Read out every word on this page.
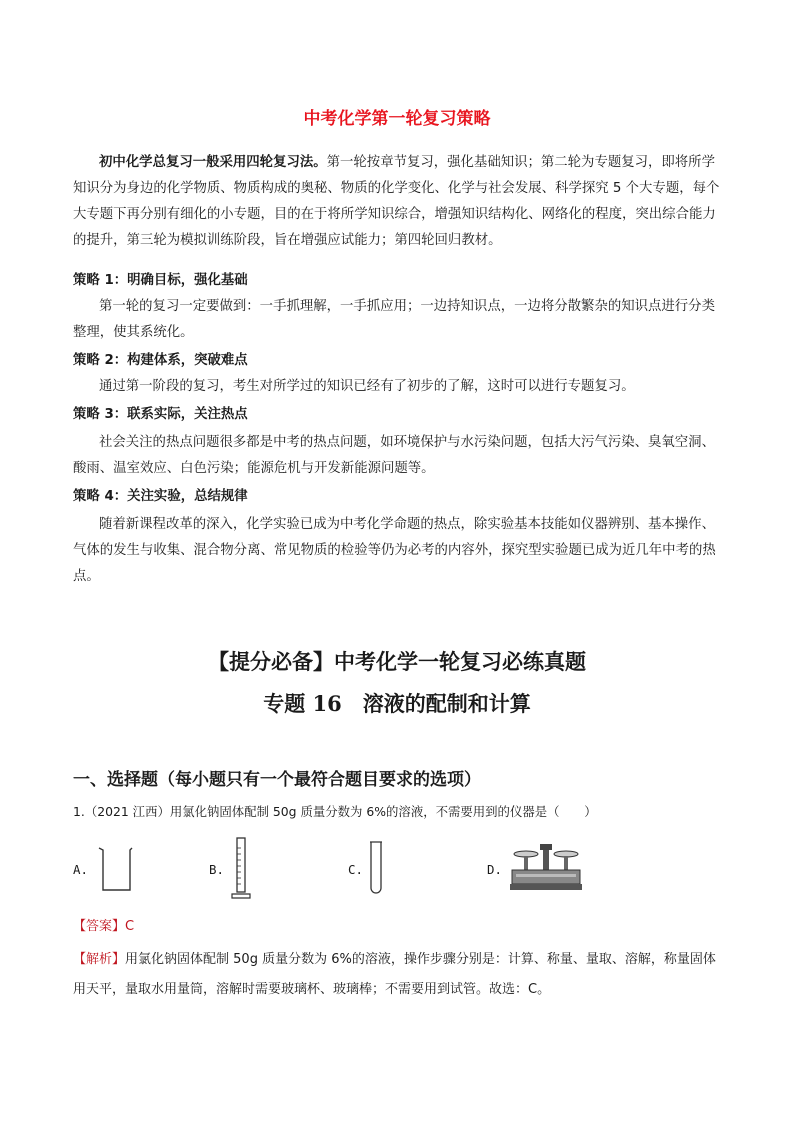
中考化学第一轮复习策略
初中化学总复习一般采用四轮复习法。第一轮按章节复习，强化基础知识；第二轮为专题复习，即将所学知识分为身边的化学物质、物质构成的奥秘、物质的化学变化、化学与社会发展、科学探究 5 个大专题，每个大专题下再分别有细化的小专题，目的在于将所学知识综合，增强知识结构化、网络化的程度，突出综合能力的提升，第三轮为模拟训练阶段，旨在增强应试能力；第四轮回归教材。
策略 1：明确目标，强化基础
第一轮的复习一定要做到：一手抓理解，一手抓应用；一边持知识点，一边将分散繁杂的知识点进行分类整理，使其系统化。
策略 2：构建体系，突破难点
通过第一阶段的复习，考生对所学过的知识已经有了初步的了解，这时可以进行专题复习。
策略 3：联系实际，关注热点
社会关注的热点问题很多都是中考的热点问题，如环境保护与水污染问题，包括大污气污染、臭氧空洞、酸雨、温室效应、白色污染；能源危机与开发新能源问题等。
策略 4：关注实验，总结规律
随着新课程改革的深入，化学实验已成为中考化学命题的热点，除实验基本技能如仪器辨别、基本操作、气体的发生与收集、混合物分离、常见物质的检验等仍为必考的内容外，探究型实验题已成为近几年中考的热点。
【提分必备】中考化学一轮复习必练真题
专题 16　溶液的配制和计算
一、选择题（每小题只有一个最符合题目要求的选项）
1.（2021 江西）用氯化钠固体配制 50g 质量分数为 6%的溶液，不需要用到的仪器是（　　）
A.	B.	C.	D.
【答案】C
【解析】用氯化钠固体配制 50g 质量分数为 6%的溶液，操作步骤分别是：计算、称量、量取、溶解，称量固体用天平，量取水用量筒，溶解时需要玻璃杯、玻璃棒；不需要用到试管。故选：C。
